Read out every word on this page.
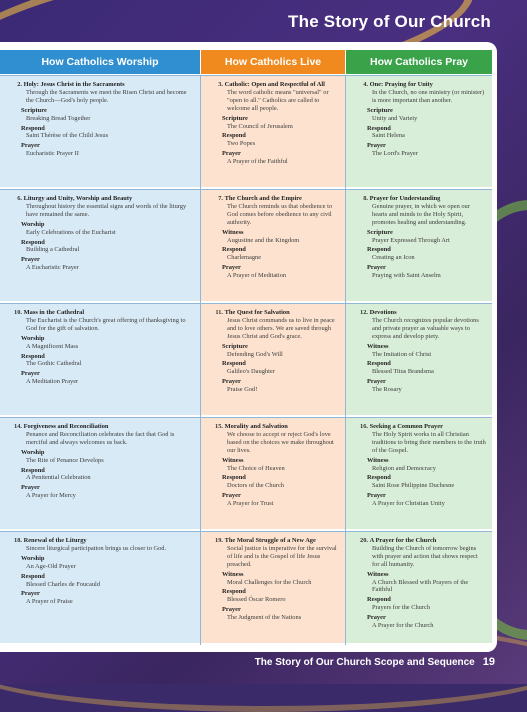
The Story of Our Church
How Catholics Worship	How Catholics Live	How Catholics Pray
2. Holy: Jesus Christ in the Sacraments
Through the Sacraments we meet the Risen Christ and become the Church—God's holy people.
Scripture
Breaking Bread Together
Respond
Saint Thérèse of the Child Jesus
Prayer
Eucharistic Prayer II
3. Catholic: Open and Respectful of All
The word catholic means "universal" or "open to all." Catholics are called to welcome all people.
Scripture
The Council of Jerusalem
Respond
Two Popes
Prayer
A Prayer of the Faithful
4. One: Praying for Unity
In the Church, no one ministry (or minister) is more important than another.
Scripture
Unity and Variety
Respond
Saint Helena
Prayer
The Lord's Prayer
6. Liturgy and Unity, Worship and Beauty
Throughout history the essential signs and words of the liturgy have remained the same.
Worship
Early Celebrations of the Eucharist
Respond
Building a Cathedral
Prayer
A Eucharistic Prayer
7. The Church and the Empire
The Church reminds us that obedience to God comes before obedience to any civil authority.
Witness
Augustine and the Kingdom
Respond
Charlemagne
Prayer
A Prayer of Meditation
8. Prayer for Understanding
Genuine prayer, in which we open our hearts and minds to the Holy Spirit, promotes healing and understanding.
Scripture
Prayer Expressed Through Art
Respond
Creating an Icon
Prayer
Praying with Saint Anselm
10. Mass in the Cathedral
The Eucharist is the Church's great offering of thanksgiving to God for the gift of salvation.
Worship
A Magnificent Mass
Respond
The Gothic Cathedral
Prayer
A Meditation Prayer
11. The Quest for Salvation
Jesus Christ commands us to live in peace and to love others. We are saved through Jesus Christ and God's grace.
Scripture
Defending God's Will
Respond
Galileo's Daughter
Prayer
Praise God!
12. Devotions
The Church recognizes popular devotions and private prayer as valuable ways to express and develop piety.
Witness
The Imitation of Christ
Respond
Blessed Titus Brandsma
Prayer
The Rosary
14. Forgiveness and Reconciliation
Penance and Reconciliation celebrates the fact that God is merciful and always welcomes us back.
Worship
The Rite of Penance Develops
Respond
A Penitential Celebration
Prayer
A Prayer for Mercy
15. Morality and Salvation
We choose to accept or reject God's love based on the choices we make throughout our lives.
Witness
The Choice of Heaven
Respond
Doctors of the Church
Prayer
A Prayer for Trust
16. Seeking a Common Prayer
The Holy Spirit works in all Christian traditions to bring their members to the truth of the Gospel.
Witness
Religion and Democracy
Respond
Saint Rose Philippine Duchesne
Prayer
A Prayer for Christian Unity
18. Renewal of the Liturgy
Sincere liturgical participation brings us closer to God.
Worship
An Age-Old Prayer
Respond
Blessed Charles de Foucauld
Prayer
A Prayer of Praise
19. The Moral Struggle of a New Age
Social justice is imperative for the survival of life and is the Gospel of life Jesus preached.
Witness
Moral Challenges for the Church
Respond
Blessed Óscar Romero
Prayer
The Judgment of the Nations
20. A Prayer for the Church
Building the Church of tomorrow begins with prayer and action that shows respect for all humanity.
Witness
A Church Blessed with Prayers of the Faithful
Respond
Prayers for the Church
Prayer
A Prayer for the Church
The Story of Our Church Scope and Sequence 19
